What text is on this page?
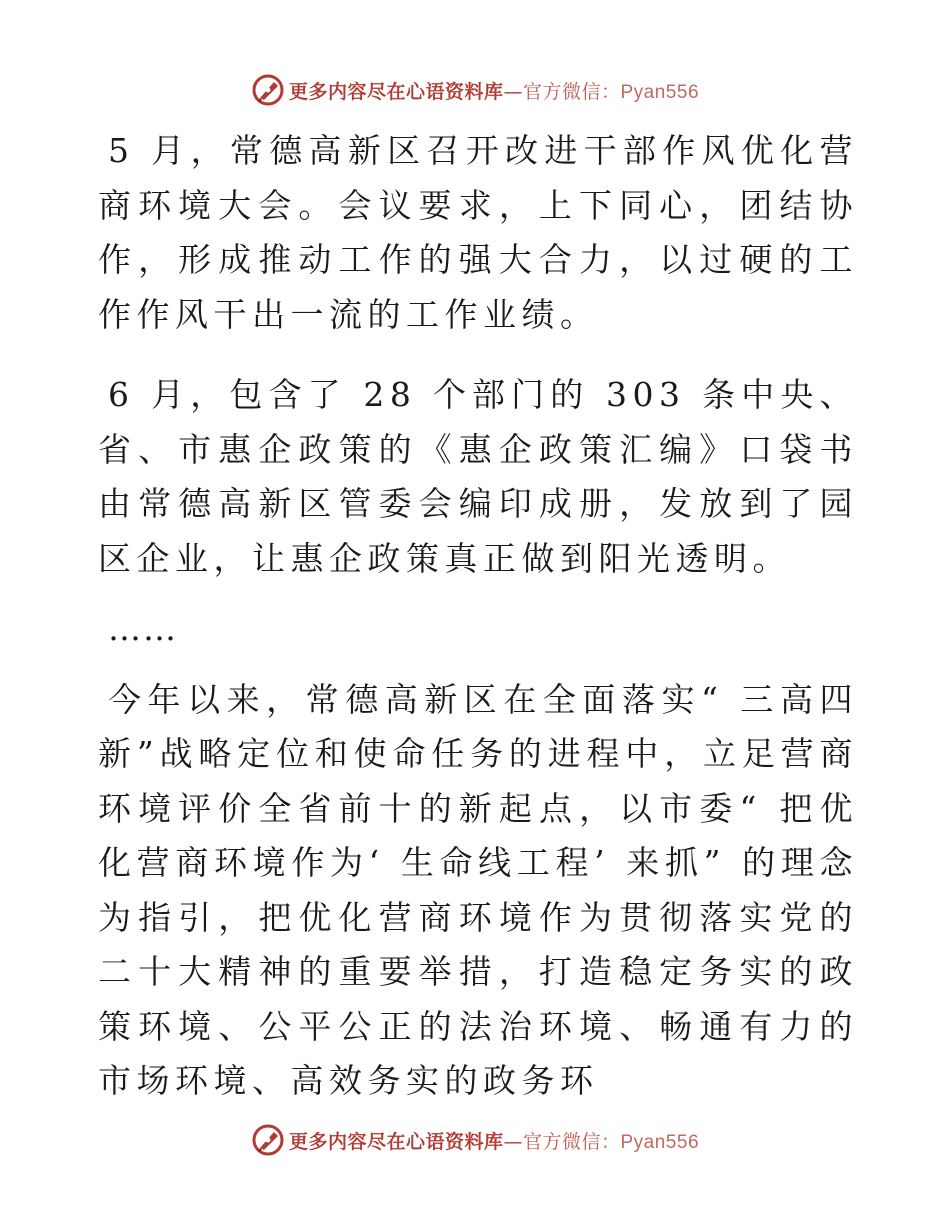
更多内容尽在心语资料库—官方微信：Pyan556

5 月，常德高新区召开改进干部作风优化营商环境大会。会议要求，上下同心，团结协作，形成推动工作的强大合力，以过硬的工作作风干出一流的工作业绩。

6 月，包含了 28 个部门的 303 条中央、省、市惠企政策的《惠企政策汇编》口袋书由常德高新区管委会编印成册，发放到了园区企业，让惠企政策真正做到阳光透明。

……

今年以来，常德高新区在全面落实“ 三高四新”战略定位和使命任务的进程中，立足营商环境评价全省前十的新起点，以市委“ 把优化营商环境作为‘ 生命线工程’ 来抓” 的理念为指引，把优化营商环境作为贯彻落实党的二十大精神的重要举措，打造稳定务实的政策环境、公平公正的法治环境、畅通有力的市场环境、高效务实的政务环

更多内容尽在心语资料库—官方微信：Pyan556
